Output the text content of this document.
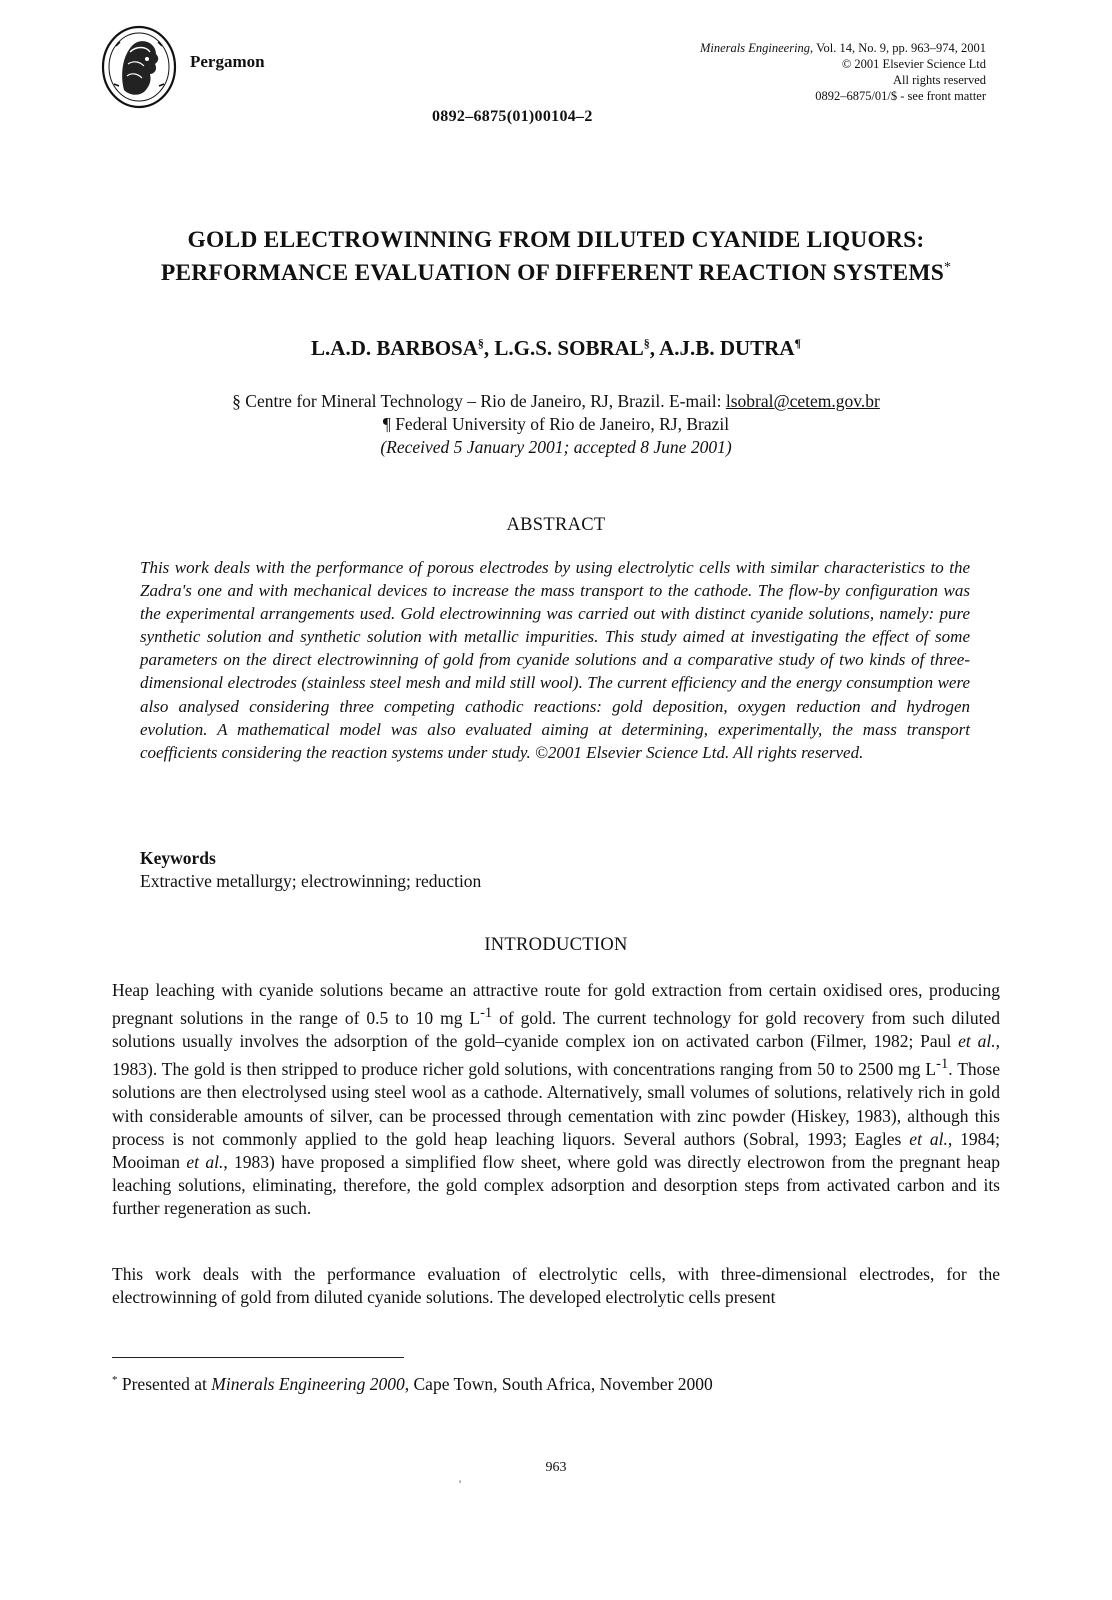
Pergamon
0892–6875(01)00104–2
Minerals Engineering, Vol. 14, No. 9, pp. 963–974, 2001
© 2001 Elsevier Science Ltd
All rights reserved
0892–6875/01/$ - see front matter
GOLD ELECTROWINNING FROM DILUTED CYANIDE LIQUORS:
PERFORMANCE EVALUATION OF DIFFERENT REACTION SYSTEMS*
L.A.D. BARBOSA§, L.G.S. SOBRAL§, A.J.B. DUTRA¶
§ Centre for Mineral Technology – Rio de Janeiro, RJ, Brazil. E-mail: lsobral@cetem.gov.br
¶ Federal University of Rio de Janeiro, RJ, Brazil
(Received 5 January 2001; accepted 8 June 2001)
ABSTRACT
This work deals with the performance of porous electrodes by using electrolytic cells with similar characteristics to the Zadra's one and with mechanical devices to increase the mass transport to the cathode. The flow-by configuration was the experimental arrangements used. Gold electrowinning was carried out with distinct cyanide solutions, namely: pure synthetic solution and synthetic solution with metallic impurities. This study aimed at investigating the effect of some parameters on the direct electrowinning of gold from cyanide solutions and a comparative study of two kinds of three-dimensional electrodes (stainless steel mesh and mild still wool). The current efficiency and the energy consumption were also analysed considering three competing cathodic reactions: gold deposition, oxygen reduction and hydrogen evolution. A mathematical model was also evaluated aiming at determining, experimentally, the mass transport coefficients considering the reaction systems under study. ©2001 Elsevier Science Ltd. All rights reserved.
Keywords
Extractive metallurgy; electrowinning; reduction
INTRODUCTION
Heap leaching with cyanide solutions became an attractive route for gold extraction from certain oxidised ores, producing pregnant solutions in the range of 0.5 to 10 mg $L^{-1}$ of gold. The current technology for gold recovery from such diluted solutions usually involves the adsorption of the gold–cyanide complex ion on activated carbon (Filmer, 1982; Paul et al., 1983). The gold is then stripped to produce richer gold solutions, with concentrations ranging from 50 to 2500 mg $L^{-1}$. Those solutions are then electrolysed using steel wool as a cathode. Alternatively, small volumes of solutions, relatively rich in gold with considerable amounts of silver, can be processed through cementation with zinc powder (Hiskey, 1983), although this process is not commonly applied to the gold heap leaching liquors. Several authors (Sobral, 1993; Eagles et al., 1984; Mooiman et al., 1983) have proposed a simplified flow sheet, where gold was directly electrowon from the pregnant heap leaching solutions, eliminating, therefore, the gold complex adsorption and desorption steps from activated carbon and its further regeneration as such.
This work deals with the performance evaluation of electrolytic cells, with three-dimensional electrodes, for the electrowinning of gold from diluted cyanide solutions. The developed electrolytic cells present
* Presented at Minerals Engineering 2000, Cape Town, South Africa, November 2000
963
'
